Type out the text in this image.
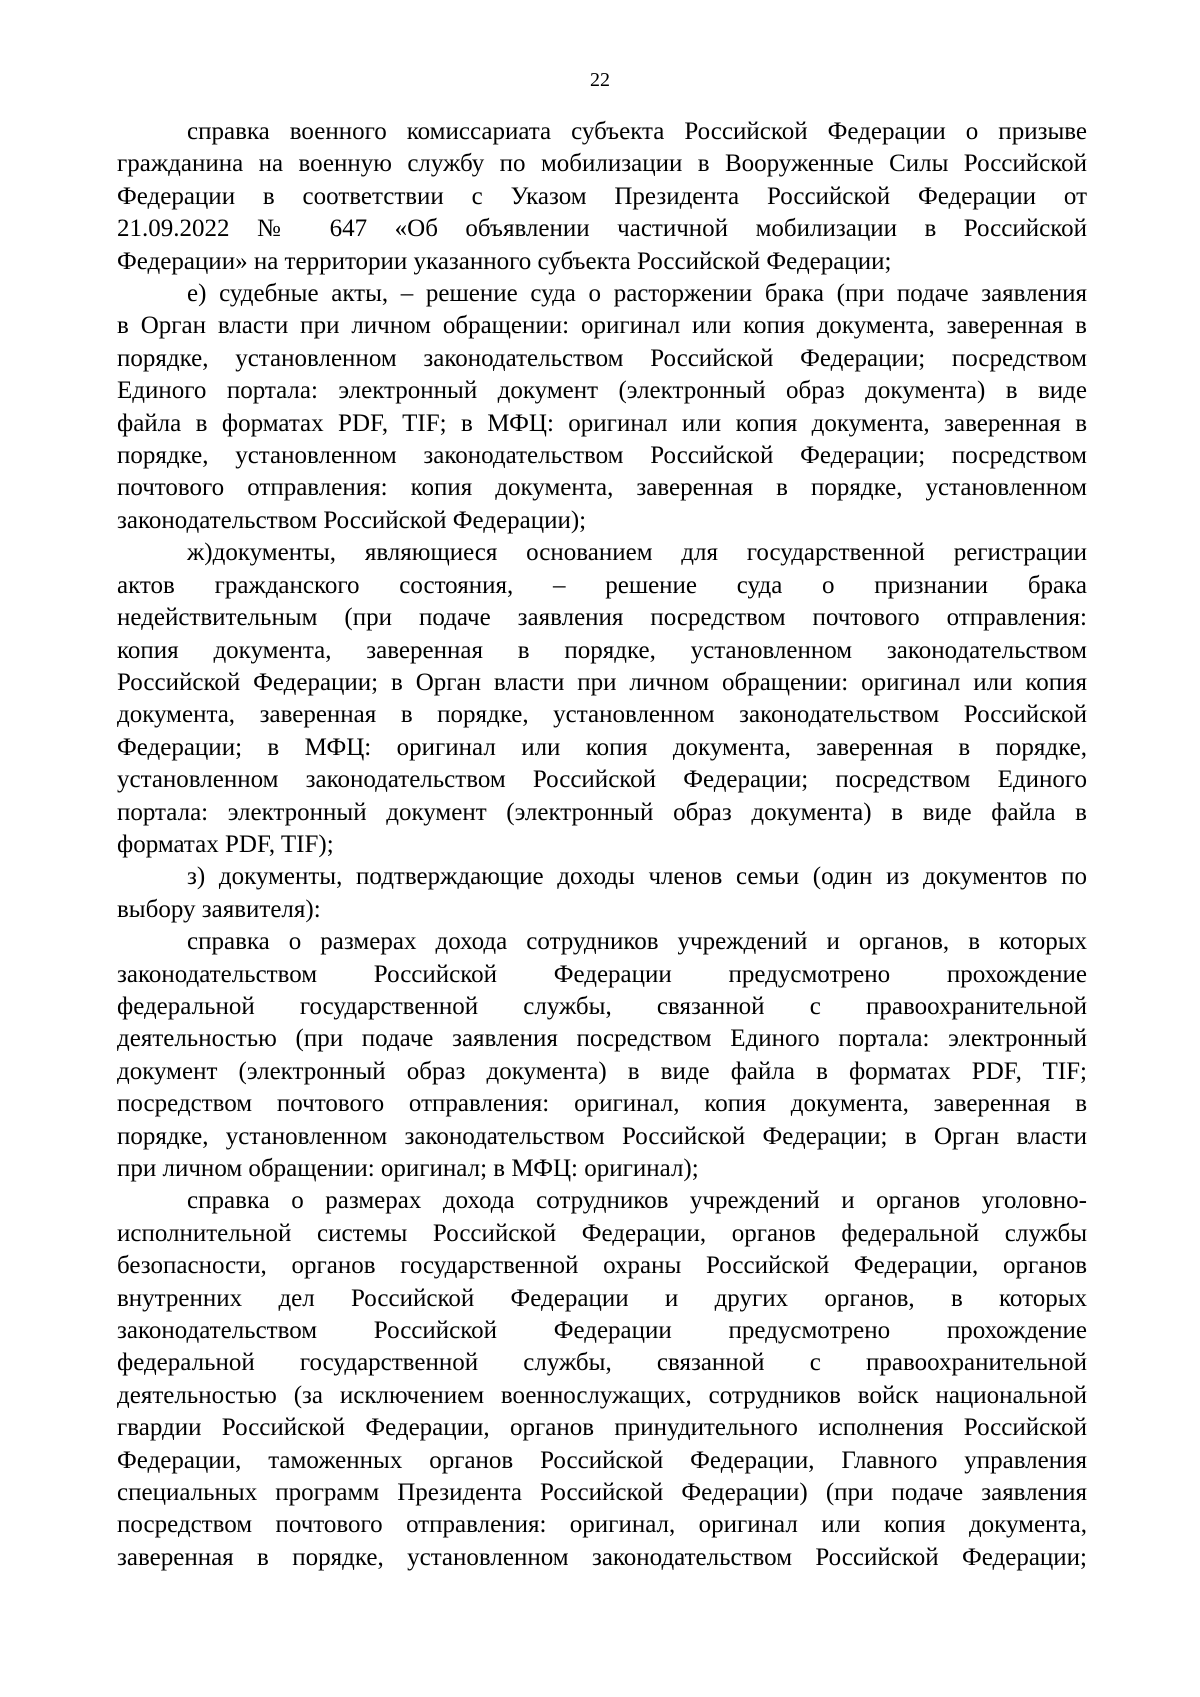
22
справка военного комиссариата субъекта Российской Федерации о призыве
гражданина на военную службу по мобилизации в Вооруженные Силы Российской
Федерации в соответствии с Указом Президента Российской Федерации от
21.09.2022 № 647 «Об объявлении частичной мобилизации в Российской
Федерации» на территории указанного субъекта Российской Федерации;
е) судебные акты, – решение суда о расторжении брака (при подаче заявления
в Орган власти при личном обращении: оригинал или копия документа, заверенная в
порядке, установленном законодательством Российской Федерации; посредством
Единого портала: электронный документ (электронный образ документа) в виде
файла в форматах PDF, TIF; в МФЦ: оригинал или копия документа, заверенная в
порядке, установленном законодательством Российской Федерации; посредством
почтового отправления: копия документа, заверенная в порядке, установленном
законодательством Российской Федерации);
ж)документы, являющиеся основанием для государственной регистрации
актов гражданского состояния, – решение суда о признании брака
недействительным (при подаче заявления посредством почтового отправления:
копия документа, заверенная в порядке, установленном законодательством
Российской Федерации; в Орган власти при личном обращении: оригинал или копия
документа, заверенная в порядке, установленном законодательством Российской
Федерации; в МФЦ: оригинал или копия документа, заверенная в порядке,
установленном законодательством Российской Федерации; посредством Единого
портала: электронный документ (электронный образ документа) в виде файла в
форматах PDF, TIF);
з) документы, подтверждающие доходы членов семьи (один из документов по
выбору заявителя):
справка о размерах дохода сотрудников учреждений и органов, в которых
законодательством Российской Федерации предусмотрено прохождение
федеральной государственной службы, связанной с правоохранительной
деятельностью (при подаче заявления посредством Единого портала: электронный
документ (электронный образ документа) в виде файла в форматах PDF, TIF;
посредством почтового отправления: оригинал, копия документа, заверенная в
порядке, установленном законодательством Российской Федерации; в Орган власти
при личном обращении: оригинал; в МФЦ: оригинал);
справка о размерах дохода сотрудников учреждений и органов уголовно-
исполнительной системы Российской Федерации, органов федеральной службы
безопасности, органов государственной охраны Российской Федерации, органов
внутренних дел Российской Федерации и других органов, в которых
законодательством Российской Федерации предусмотрено прохождение
федеральной государственной службы, связанной с правоохранительной
деятельностью (за исключением военнослужащих, сотрудников войск национальной
гвардии Российской Федерации, органов принудительного исполнения Российской
Федерации, таможенных органов Российской Федерации, Главного управления
специальных программ Президента Российской Федерации) (при подаче заявления
посредством почтового отправления: оригинал, оригинал или копия документа,
заверенная в порядке, установленном законодательством Российской Федерации;
